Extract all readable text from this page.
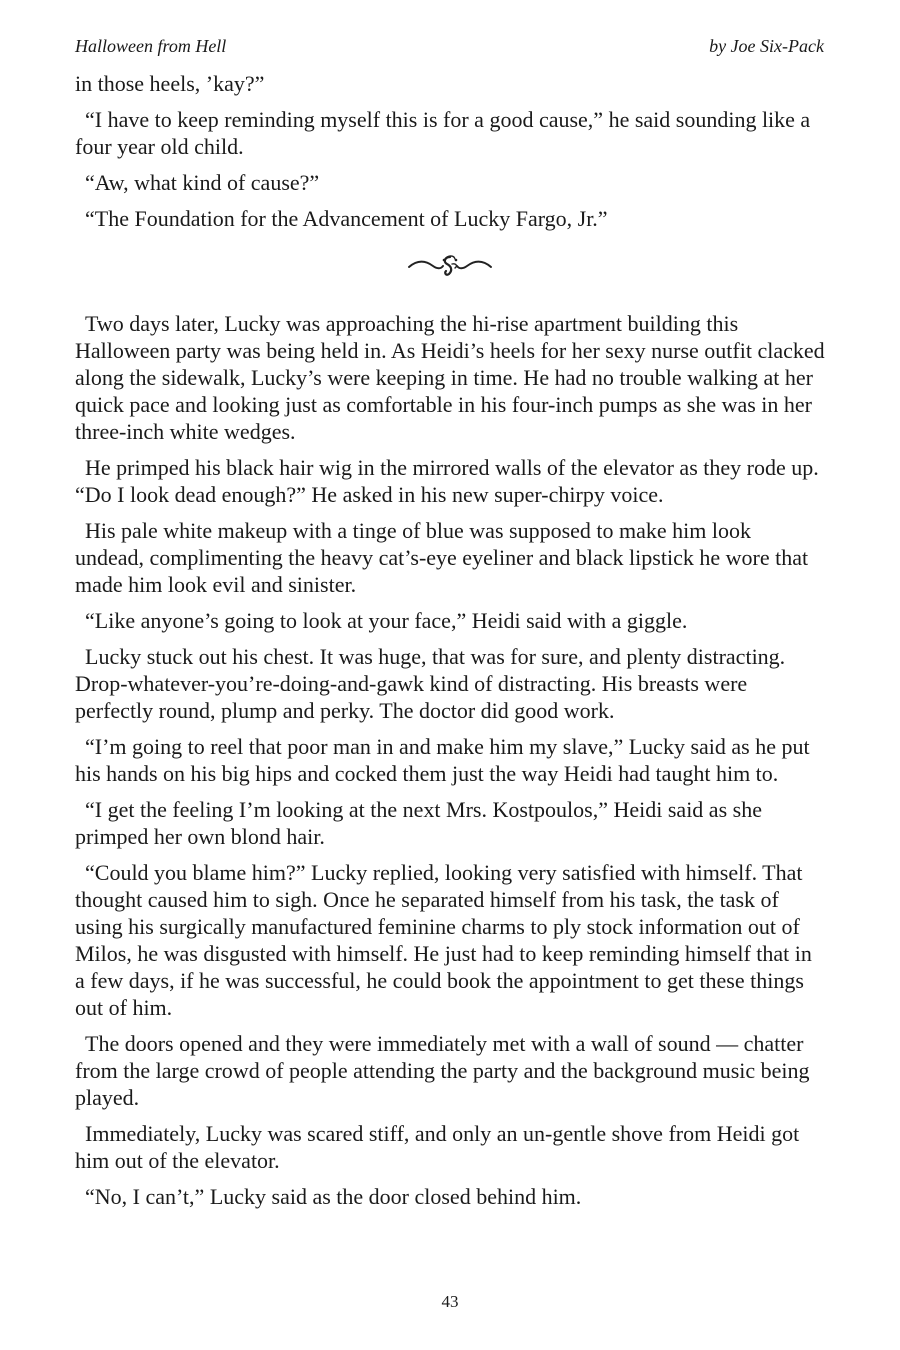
Halloween from Hell	by Joe Six-Pack

in those heels, ’kay?”

“I have to keep reminding myself this is for a good cause,” he said sounding like a four year old child.

“Aw, what kind of cause?”

“The Foundation for the Advancement of Lucky Fargo, Jr.”

Two days later, Lucky was approaching the hi-rise apartment building this Halloween party was being held in. As Heidi’s heels for her sexy nurse outfit clacked along the sidewalk, Lucky’s were keeping in time. He had no trouble walking at her quick pace and looking just as comfortable in his four-inch pumps as she was in her three-inch white wedges.

He primped his black hair wig in the mirrored walls of the elevator as they rode up. “Do I look dead enough?” He asked in his new super-chirpy voice.

His pale white makeup with a tinge of blue was supposed to make him look undead, complimenting the heavy cat’s-eye eyeliner and black lipstick he wore that made him look evil and sinister.

“Like anyone’s going to look at your face,” Heidi said with a giggle.

Lucky stuck out his chest. It was huge, that was for sure, and plenty distracting. Drop-whatever-you’re-doing-and-gawk kind of distracting. His breasts were perfectly round, plump and perky. The doctor did good work.

“I’m going to reel that poor man in and make him my slave,” Lucky said as he put his hands on his big hips and cocked them just the way Heidi had taught him to.

“I get the feeling I’m looking at the next Mrs. Kostpoulos,” Heidi said as she primped her own blond hair.

“Could you blame him?” Lucky replied, looking very satisfied with himself. That thought caused him to sigh. Once he separated himself from his task, the task of using his surgically manufactured feminine charms to ply stock information out of Milos, he was disgusted with himself. He just had to keep reminding himself that in a few days, if he was successful, he could book the appointment to get these things out of him.

The doors opened and they were immediately met with a wall of sound — chatter from the large crowd of people attending the party and the background music being played.

Immediately, Lucky was scared stiff, and only an un-gentle shove from Heidi got him out of the elevator.

“No, I can’t,” Lucky said as the door closed behind him.

43
